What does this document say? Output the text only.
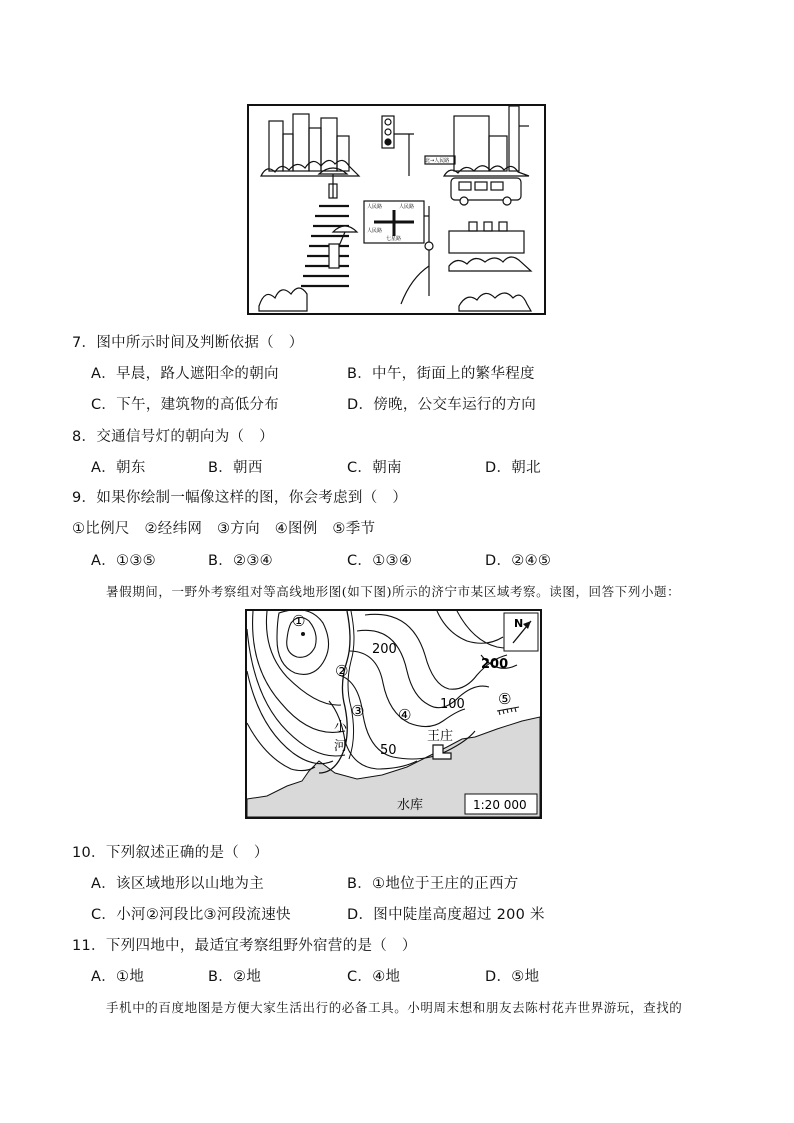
北→人民路
人民路	人民路
人民路
七星路
7．图中所示时间及判断依据（　）
A．早晨，路人遮阳伞的朝向	B．中午，街面上的繁华程度
C．下午，建筑物的高低分布	D．傍晚，公交车运行的方向
8．交通信号灯的朝向为（　）
A．朝东	B．朝西	C．朝南	D．朝北
9．如果你绘制一幅像这样的图，你会考虑到（　）
①比例尺　②经纬网　③方向　④图例　⑤季节
A．①③⑤	B．②③④	C．①③④	D．②④⑤
暑假期间，一野外考察组对等高线地形图(如下图)所示的济宁市某区域考察。读图，回答下列小题：
N
1:20 000
①
②
③ ④
⑤
200
200
100
50
王庄
小
河
水库
10．下列叙述正确的是（　）
A．该区域地形以山地为主	B．①地位于王庄的正西方
C．小河②河段比③河段流速快	D．图中陡崖高度超过 200 米
11．下列四地中，最适宜考察组野外宿营的是（　）
A．①地	B．②地	C．④地	D．⑤地
手机中的百度地图是方便大家生活出行的必备工具。小明周末想和朋友去陈村花卉世界游玩，查找的
